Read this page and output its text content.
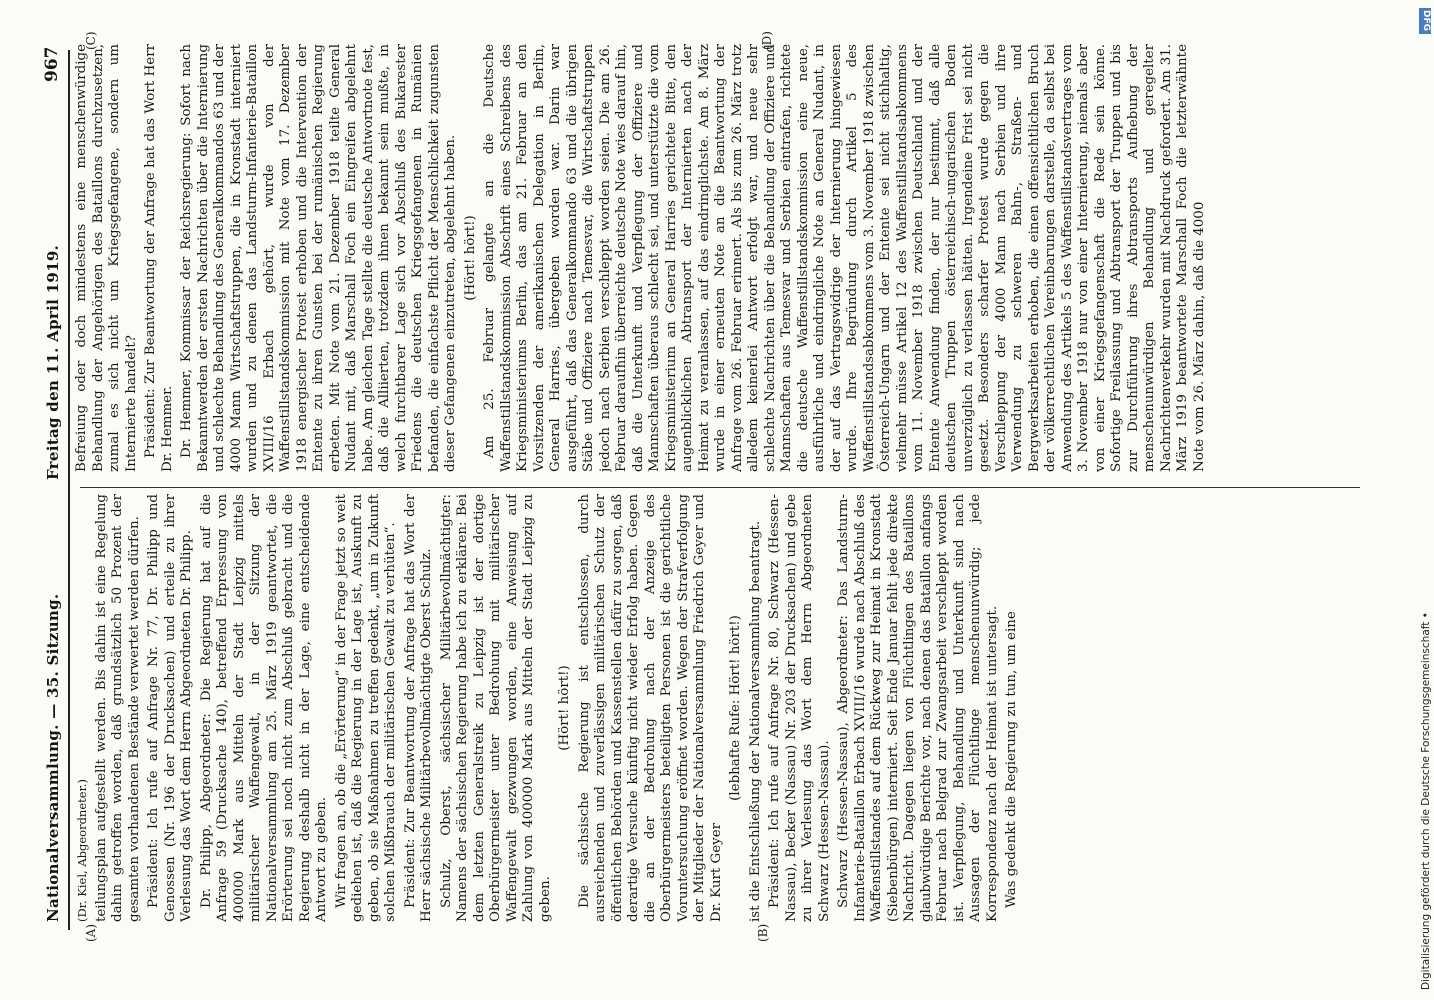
Nationalversammlung. — 35. Sitzung.
Freitag den 11. April 1919.
967
(A)	(B)
(C)	(D)

(Dr. Kiel, Abgeordneter.) teilungsplan aufgestellt werden. Bis dahin ist eine Regelung dahin getroffen worden, daß grundsätzlich 50 Prozent der gesamten vorhandenen Bestände verwertet werden dürfen. Präsident: Ich rufe auf Anfrage Nr. 77, Dr. Philipp und Genossen (Nr. 196 der Drucksachen) und erteile zu ihrer Verlesung das Wort dem Herrn Abgeordneten Dr. Philipp. Dr. Philipp, Abgeordneter: Die Regierung hat auf die Anfrage 59 (Drucksache 140), betreffend Erpressung von 400000 Mark aus Mitteln der Stadt Leipzig mittels militärischer Waffengewalt, in der Sitzung der Nationalversammlung am 25. März 1919 geantwortet, die Erörterung sei noch nicht zum Abschluß gebracht und die Regierung deshalb nicht in der Lage, eine entscheidende Antwort zu geben. Wir fragen an, ob die „Erörterung“ in der Frage jetzt so weit gediehen ist, daß die Regierung in der Lage ist, Auskunft zu geben, ob sie Maßnahmen zu treffen gedenkt, „um in Zukunft solchen Mißbrauch der militärischen Gewalt zu verhüten“. Präsident: Zur Beantwortung der Anfrage hat das Wort der Herr sächsische Militärbevollmächtigte Oberst Schulz. Schulz, Oberst, sächsischer Militärbevollmächtigter: Namens der sächsischen Regierung habe ich zu erklären: Bei dem letzten Generalstreik zu Leipzig ist der dortige Oberbürgermeister unter Bedrohung mit militärischer Waffengewalt gezwungen worden, eine Anweisung auf Zahlung von 400000 Mark aus Mitteln der Stadt Leipzig zu geben.

(Hört! hört!) Die sächsische Regierung ist entschlossen, durch ausreichenden und zuverlässigen militärischen Schutz der öffentlichen Behörden und Kassenstellen dafür zu sorgen, daß derartige Versuche künftig nicht wieder Erfolg haben. Gegen die an der Bedrohung nach der Anzeige des Oberbürgermeisters beteiligten Personen ist die gerichtliche Voruntersuchung eröffnet worden. Wegen der Strafverfolgung der Mitglieder der Nationalversammlung Friedrich Geyer und Dr. Kurt Geyer

(lebhafte Rufe: Hört! hört!) ist die Entschließung der Nationalversammlung beantragt. Präsident: Ich rufe auf Anfrage Nr. 80, Schwarz (Hessen-Nassau), Becker (Nassau) Nr. 203 der Drucksachen) und gebe zu ihrer Verlesung das Wort dem Herrn Abgeordneten Schwarz (Hessen-Nassau). Schwarz (Hessen-Nassau), Abgeordneter: Das Landsturm-Infanterie-Bataillon Erbach XVIII/16 wurde nach Abschluß des Waffenstillstandes auf dem Rückweg zur Heimat in Kronstadt (Siebenbürgen) interniert. Seit Ende Januar fehlt jede direkte Nachricht. Dagegen liegen von Flüchtlingen des Bataillons glaubwürdige Berichte vor, nach denen das Bataillon anfangs Februar nach Belgrad zur Zwangsarbeit verschleppt worden ist. Verpflegung, Behandlung und Unterkunft sind nach Aussagen der Flüchtlinge menschenunwürdig; jede Korrespondenz nach der Heimat ist untersagt. Was gedenkt die Regierung zu tun, um eine

Befreiung oder doch mindestens eine menschenwürdige Behandlung der Angehörigen des Bataillons durchzusetzen, zumal es sich nicht um Kriegsgefangene, sondern um Internierte handelt? Präsident: Zur Beantwortung der Anfrage hat das Wort Herr Dr. Hemmer. Dr. Hemmer, Kommissar der Reichsregierung: Sofort nach Bekanntwerden der ersten Nachrichten über die Internierung und schlechte Behandlung des Generalkommandos 63 und der 4000 Mann Wirtschaftstruppen, die in Kronstadt interniert wurden und zu denen das Landsturm-Infanterie-Bataillon XVIII/16 Erbach gehört, wurde von der Waffenstillstandskommission mit Note vom 17. Dezember 1918 energischer Protest erhoben und die Intervention der Entente zu ihren Gunsten bei der rumänischen Regierung erbeten. Mit Note vom 21. Dezember 1918 teilte General Nudant mit, daß Marschall Foch ein Eingreifen abgelehnt habe. Am gleichen Tage stellte die deutsche Antwortnote fest, daß die Alliierten, trotzdem ihnen bekannt sein mußte, in welch furchtbarer Lage sich vor Abschluß des Bukarester Friedens die deutschen Kriegsgefangenen in Rumänien befanden, die einfachste Pflicht der Menschlichkeit zugunsten dieser Gefangenen einzutreten, abgelehnt haben. (Hört! hört!) Am 25. Februar gelangte an die Deutsche Waffenstillstandskommission Abschrift eines Schreibens des Kriegsministeriums Berlin, das am 21. Februar an den Vorsitzenden der amerikanischen Delegation in Berlin, General Harries, übergeben worden war. Darin war ausgeführt, daß das Generalkommando 63 und die übrigen Stäbe und Offiziere nach Temesvar, die Wirtschaftstruppen jedoch nach Serbien verschleppt worden seien. Die am 26. Februar daraufhin überreichte deutsche Note wies darauf hin, daß die Unterkunft und Verpflegung der Offiziere und Mannschaften überaus schlecht sei, und unterstützte die vom Kriegsministerium an General Harries gerichtete Bitte, den augenblicklichen Abtransport der Internierten nach der Heimat zu veranlassen, auf das eindringlichste. Am 8. März wurde in einer erneuten Note an die Beantwortung der Anfrage vom 26. Februar erinnert. Als bis zum 26. März trotz alledem keinerlei Antwort erfolgt war, und neue sehr schlechte Nachrichten über die Behandlung der Offiziere und Mannschaften aus Temesvar und Serbien eintrafen, richtete die deutsche Waffenstillstandskommission eine neue, ausführliche und eindringliche Note an General Nudant, in der auf das Vertragswidrige der Internierung hingewiesen wurde. Ihre Begründung durch Artikel 5 des Waffenstillstandsabkommens vom 3. November 1918 zwischen Österreich-Ungarn und der Entente sei nicht stichhaltig, vielmehr müsse Artikel 12 des Waffenstillstandsabkommens vom 11. November 1918 zwischen Deutschland und der Entente Anwendung finden, der nur bestimmt, daß alle deutschen Truppen österreichisch-ungarischen Boden unverzüglich zu verlassen hätten. Irgendeine Frist sei nicht gesetzt. Besonders scharfer Protest wurde gegen die Verschleppung der 4000 Mann nach Serbien und ihre Verwendung zu schweren Bahn-, Straßen- und Bergwerksarbeiten erhoben, die einen offensichtlichen Bruch der völkerrechtlichen Vereinbarungen darstelle, da selbst bei Anwendung des Artikels 5 des Waffenstillstandsvertrages vom 3. November 1918 nur von einer Internierung, niemals aber von einer Kriegsgefangenschaft die Rede sein könne. Sofortige Freilassung und Abtransport der Truppen und bis zur Durchführung ihres Abtransports Aufhebung der menschenunwürdigen Behandlung und geregelter Nachrichtenverkehr wurden mit Nachdruck gefordert. Am 31. März 1919 beantwortete Marschall Foch die letzterwähnte Note vom 26. März dahin, daß die 4000

DFG
Digitalisierung gefördert durch die Deutsche Forschungsgemeinschaft •
